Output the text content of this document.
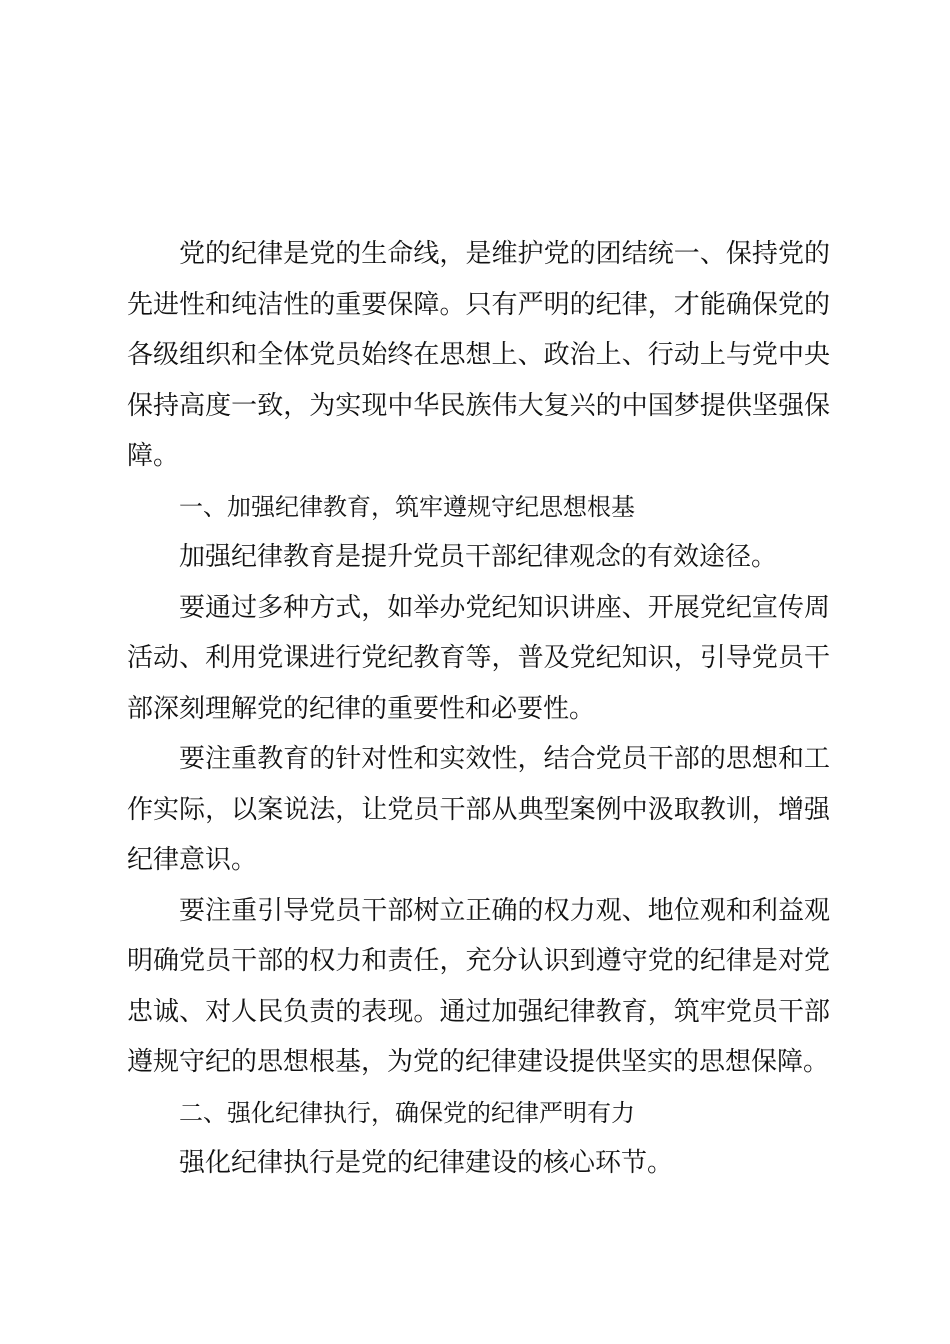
党的纪律是党的生命线，是维护党的团结统一、保持党的先进性和纯洁性的重要保障。只有严明的纪律，才能确保党的各级组织和全体党员始终在思想上、政治上、行动上与党中央保持高度一致，为实现中华民族伟大复兴的中国梦提供坚强保障。

一、加强纪律教育，筑牢遵规守纪思想根基

加强纪律教育是提升党员干部纪律观念的有效途径。

要通过多种方式，如举办党纪知识讲座、开展党纪宣传周活动、利用党课进行党纪教育等，普及党纪知识，引导党员干部深刻理解党的纪律的重要性和必要性。

要注重教育的针对性和实效性，结合党员干部的思想和工作实际，以案说法，让党员干部从典型案例中汲取教训，增强纪律意识。

要注重引导党员干部树立正确的权力观、地位观和利益观明确党员干部的权力和责任，充分认识到遵守党的纪律是对党忠诚、对人民负责的表现。通过加强纪律教育，筑牢党员干部遵规守纪的思想根基，为党的纪律建设提供坚实的思想保障。

二、强化纪律执行，确保党的纪律严明有力

强化纪律执行是党的纪律建设的核心环节。
